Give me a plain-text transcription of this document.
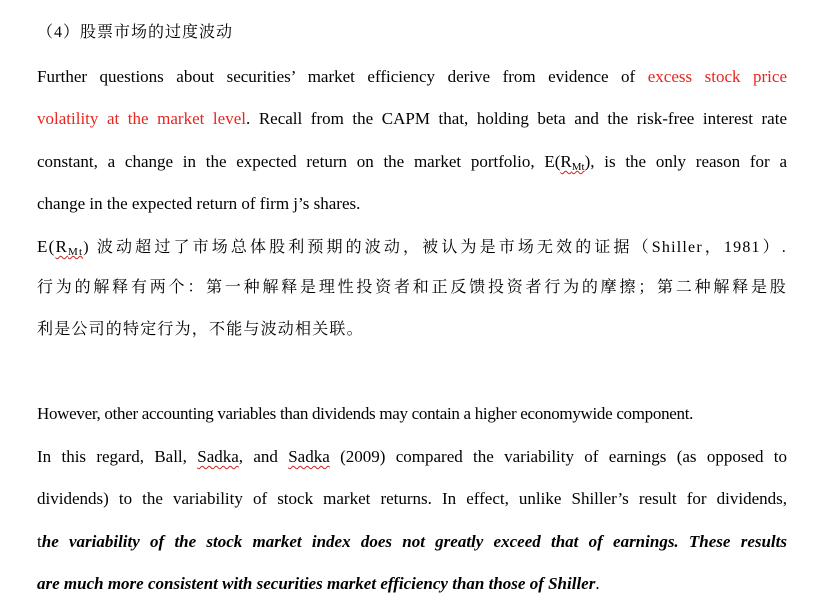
（4）股票市场的过度波动
Further questions about securities’ market efficiency derive from evidence of excess stock price
volatility at the market level. Recall from the CAPM that, holding beta and the risk-free interest rate
constant, a change in the expected return on the market portfolio, $E(R_{Mt})$, is the only reason for a
change in the expected return of firm j’s shares.
$E(R_{Mt})$ 波动超过了市场总体股利预期的波动，被认为是市场无效的证据（Shiller，1981）.
行为的解释有两个：第一种解释是理性投资者和正反馈投资者行为的摩擦；第二种解释是股
利是公司的特定行为，不能与波动相关联。
However, other accounting variables than dividends may contain a higher economywide component.
In this regard, Ball, Sadka, and Sadka (2009) compared the variability of earnings (as opposed to
dividends) to the variability of stock market returns. In effect, unlike Shiller’s result for dividends,
the variability of the stock market index does not greatly exceed that of earnings. These results
are much more consistent with securities market efficiency than those of Shiller.
